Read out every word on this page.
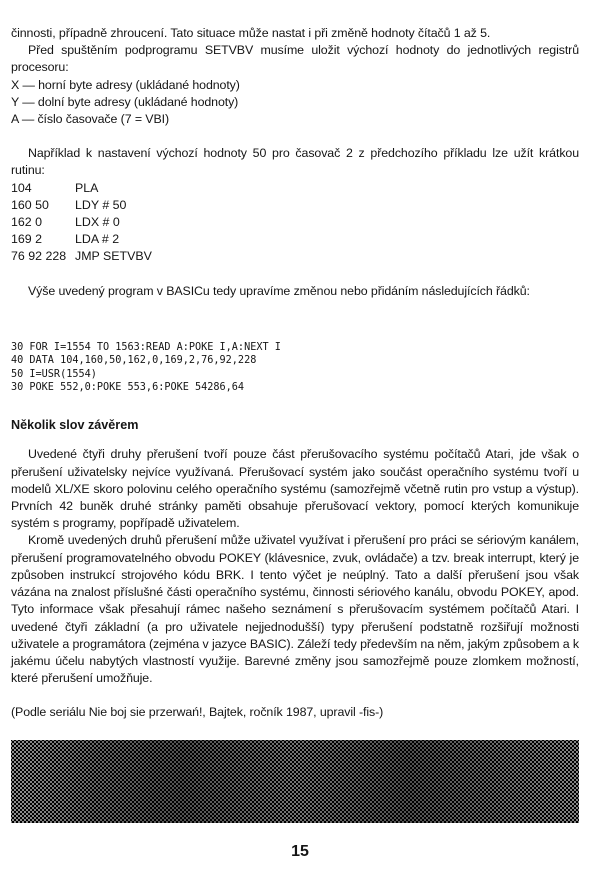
činnosti, případně zhroucení. Tato situace může nastat i při změně hodnoty čítačů 1 až 5.

Před spuštěním podprogramu SETVBV musíme uložit výchozí hodnoty do jednotlivých registrů procesoru:

X — horní byte adresy (ukládané hodnoty)
Y — dolní byte adresy (ukládané hodnoty)
A — číslo časovače (7 = VBI)

Například k nastavení výchozí hodnoty 50 pro časovač 2 z předchozího příkladu lze užít krátkou rutinu:

104	PLA
160 50	LDY # 50
162 0	LDX # 0
169 2	LDA # 2
76 92 228 JMP SETVBV

Výše uvedený program v BASICu tedy upravíme změnou nebo přidáním následujících řádků:

30 FOR I=1554 TO 1563:READ A:POKE I,A:NEXT I
40 DATA 104,160,50,162,0,169,2,76,92,228
50 I=USR(1554)
30 POKE 552,0:POKE 553,6:POKE 54286,64
Několik slov závěrem

Uvedené čtyři druhy přerušení tvoří pouze část přerušovacího systému počítačů Atari, jde však o přerušení uživatelsky nejvíce využívaná. Přerušovací systém jako součást operačního systému tvoří u modelů XL/XE skoro polovinu celého operačního systému (samozřejmě včetně rutin pro vstup a výstup). Prvních 42 buněk druhé stránky paměti obsahuje přerušovací vektory, pomocí kterých komunikuje systém s programy, popřípadě uživatelem.

Kromě uvedených druhů přerušení může uživatel využívat i přerušení pro práci se sériovým kanálem, přerušení programovatelného obvodu POKEY (klávesnice, zvuk, ovládače) a tzv. break interrupt, který je způsoben instrukcí strojového kódu BRK. I tento výčet je neúplný. Tato a další přerušení jsou však vázána na znalost příslušné části operačního systému, činnosti sériového kanálu, obvodu POKEY, apod. Tyto informace však přesahují rámec našeho seznámení s přerušovacím systémem počítačů Atari. I uvedené čtyři základní (a pro uživatele nejjednodušší) typy přerušení podstatně rozšiřují možnosti uživatele a programátora (zejména v jazyce BASIC). Záleží tedy především na něm, jakým způsobem a k jakému účelu nabytých vlastností využije. Barevné změny jsou samozřejmě pouze zlomkem možností, které přerušení umožňuje.

(Podle seriálu Nie boj sie przerwań!, Bajtek, ročník 1987, upravil -fis-)

15
